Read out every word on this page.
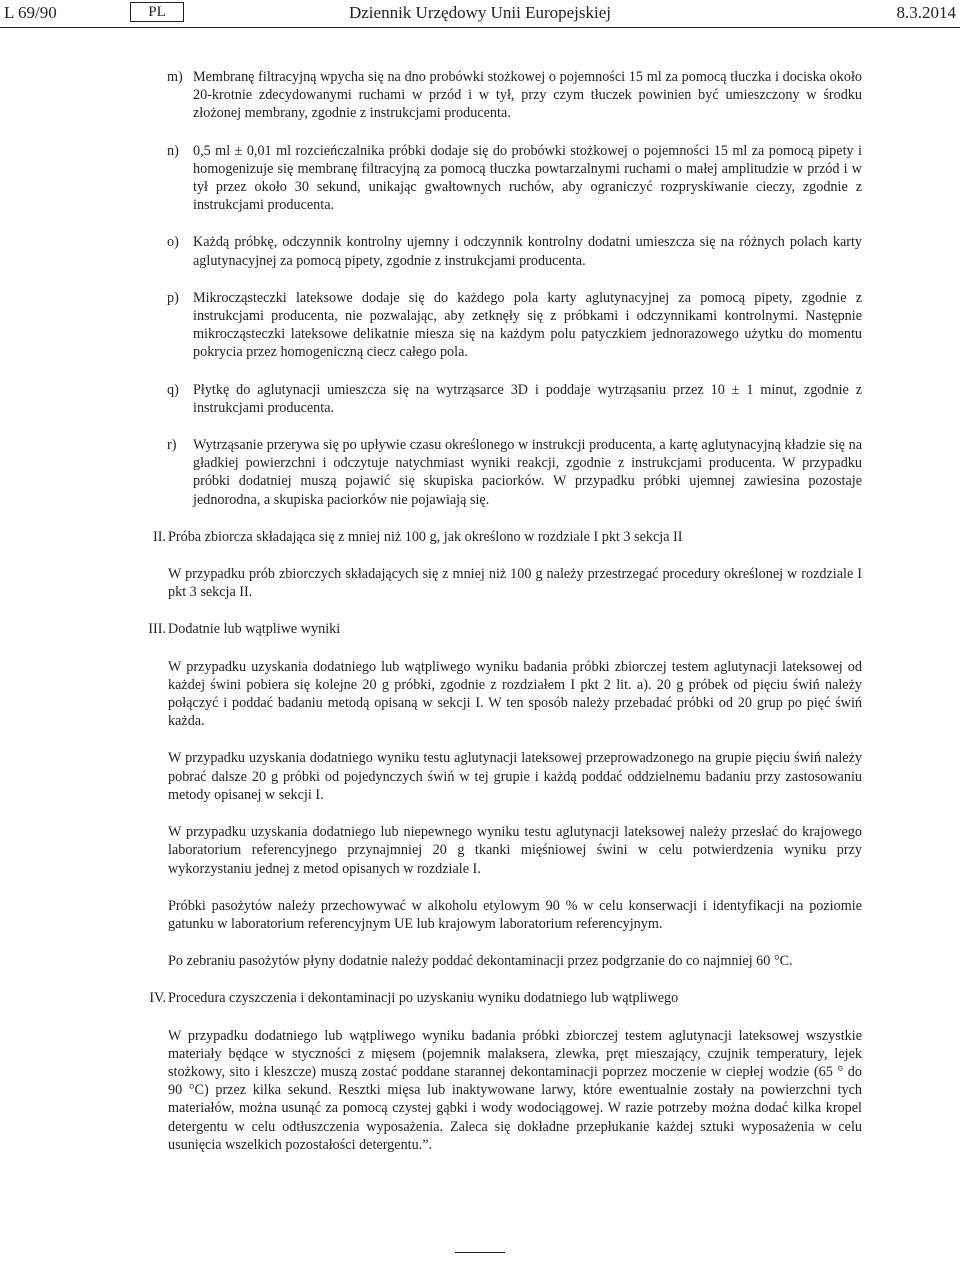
L 69/90	PL	Dziennik Urzędowy Unii Europejskiej	8.3.2014
m) Membranę filtracyjną wpycha się na dno probówki stożkowej o pojemności 15 ml za pomocą tłuczka i dociska około 20-krotnie zdecydowanymi ruchami w przód i w tył, przy czym tłuczek powinien być umieszczony w środku złożonej membrany, zgodnie z instrukcjami producenta.

n) 0,5 ml ± 0,01 ml rozcieńczalnika próbki dodaje się do probówki stożkowej o pojemności 15 ml za pomocą pipety i homogenizuje się membranę filtracyjną za pomocą tłuczka powtarzalnymi ruchami o małej amplitudzie w przód i w tył przez około 30 sekund, unikając gwałtownych ruchów, aby ograniczyć rozpryskiwanie cieczy, zgodnie z instrukcjami producenta.

o) Każdą próbkę, odczynnik kontrolny ujemny i odczynnik kontrolny dodatni umieszcza się na różnych polach karty aglutynacyjnej za pomocą pipety, zgodnie z instrukcjami producenta.

p) Mikrocząsteczki lateksowe dodaje się do każdego pola karty aglutynacyjnej za pomocą pipety, zgodnie z instrukcjami producenta, nie pozwalając, aby zetknęły się z próbkami i odczynnikami kontrolnymi. Następnie mikrocząsteczki lateksowe delikatnie miesza się na każdym polu patyczkiem jednorazowego użytku do momentu pokrycia przez homogeniczną ciecz całego pola.

q) Płytkę do aglutynacji umieszcza się na wytrząsarce 3D i poddaje wytrząsaniu przez 10 ± 1 minut, zgodnie z instrukcjami producenta.

r) Wytrząsanie przerywa się po upływie czasu określonego w instrukcji producenta, a kartę aglutynacyjną kładzie się na gładkiej powierzchni i odczytuje natychmiast wyniki reakcji, zgodnie z instrukcjami producenta. W przypadku próbki dodatniej muszą pojawić się skupiska paciorków. W przypadku próbki ujemnej zawiesina pozostaje jednorodna, a skupiska paciorków nie pojawiają się.

II. Próba zbiorcza składająca się z mniej niż 100 g, jak określono w rozdziale I pkt 3 sekcja II

W przypadku prób zbiorczych składających się z mniej niż 100 g należy przestrzegać procedury określonej w rozdziale I pkt 3 sekcja II.

III. Dodatnie lub wątpliwe wyniki

W przypadku uzyskania dodatniego lub wątpliwego wyniku badania próbki zbiorczej testem aglutynacji lateksowej od każdej świni pobiera się kolejne 20 g próbki, zgodnie z rozdziałem I pkt 2 lit. a). 20 g próbek od pięciu świń należy połączyć i poddać badaniu metodą opisaną w sekcji I. W ten sposób należy przebadać próbki od 20 grup po pięć świń każda.

W przypadku uzyskania dodatniego wyniku testu aglutynacji lateksowej przeprowadzonego na grupie pięciu świń należy pobrać dalsze 20 g próbki od pojedynczych świń w tej grupie i każdą poddać oddzielnemu badaniu przy zastosowaniu metody opisanej w sekcji I.

W przypadku uzyskania dodatniego lub niepewnego wyniku testu aglutynacji lateksowej należy przesłać do krajowego laboratorium referencyjnego przynajmniej 20 g tkanki mięśniowej świni w celu potwierdzenia wyniku przy wykorzystaniu jednej z metod opisanych w rozdziale I.

Próbki pasożytów należy przechowywać w alkoholu etylowym 90 % w celu konserwacji i identyfikacji na poziomie gatunku w laboratorium referencyjnym UE lub krajowym laboratorium referencyjnym.

Po zebraniu pasożytów płyny dodatnie należy poddać dekontaminacji przez podgrzanie do co najmniej 60 °C.

IV. Procedura czyszczenia i dekontaminacji po uzyskaniu wyniku dodatniego lub wątpliwego

W przypadku dodatniego lub wątpliwego wyniku badania próbki zbiorczej testem aglutynacji lateksowej wszystkie materiały będące w styczności z mięsem (pojemnik malaksera, zlewka, pręt mieszający, czujnik temperatury, lejek stożkowy, sito i kleszcze) muszą zostać poddane starannej dekontaminacji poprzez moczenie w ciepłej wodzie (65 ° do 90 °C) przez kilka sekund. Resztki mięsa lub inaktywowane larwy, które ewentualnie zostały na powierzchni tych materiałów, można usunąć za pomocą czystej gąbki i wody wodociągowej. W razie potrzeby można dodać kilka kropel detergentu w celu odtłuszczenia wyposażenia. Zaleca się dokładne przepłukanie każdej sztuki wyposażenia w celu usunięcia wszelkich pozostałości detergentu.”.
